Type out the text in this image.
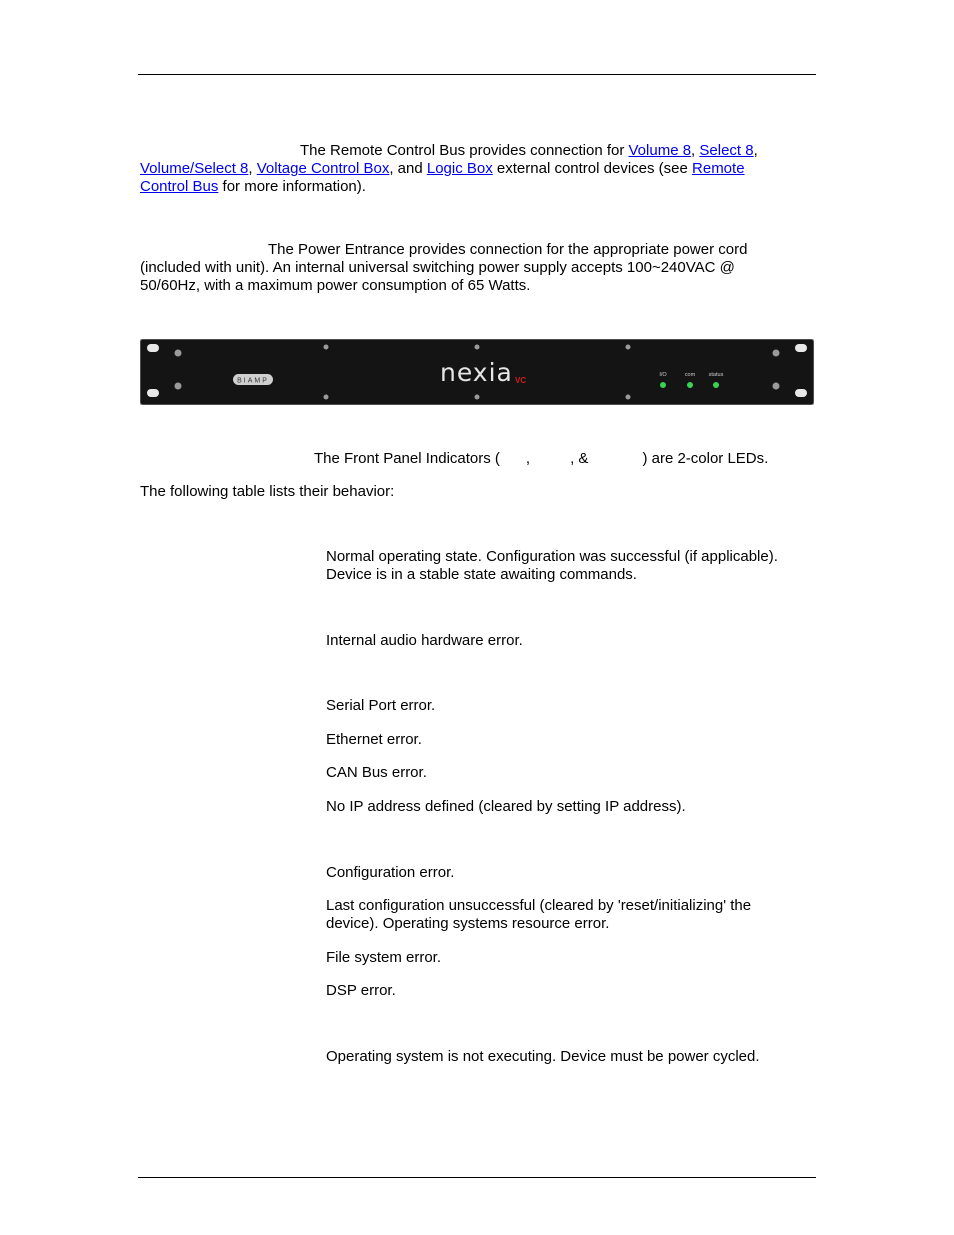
The Remote Control Bus provides connection for Volume 8, Select 8,
Volume/Select 8, Voltage Control Box, and Logic Box external control devices (see Remote
Control Bus for more information).
The Power Entrance provides connection for the appropriate power cord
(included with unit). An internal universal switching power supply accepts 100~240VAC @
50/60Hz, with a maximum power consumption of 65 Watts.
BIAMP	nexia VC
I/O	com status
The Front Panel Indicators ( ,	, &	) are 2-color LEDs.
The following table lists their behavior:
Normal operating state. Configuration was successful (if applicable).
Device is in a stable state awaiting commands.
Internal audio hardware error.
Serial Port error.
Ethernet error.
CAN Bus error.
No IP address defined (cleared by setting IP address).
Configuration error.
Last configuration unsuccessful (cleared by 'reset/initializing' the
device). Operating systems resource error.
File system error.
DSP error.
Operating system is not executing. Device must be power cycled.
